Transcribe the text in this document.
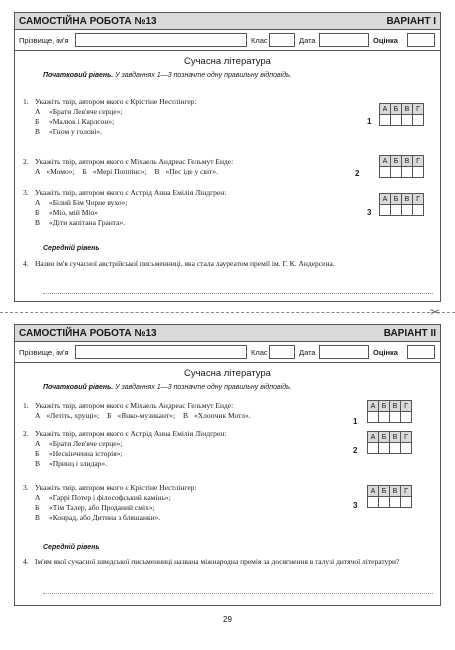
САМОСТІЙНА РОБОТА №13	ВАРІАНТ І
Прізвище, ім'я	Клас	Дата	Оцінка
Сучасна література
Початковий рівень. У завданнях 1—3 позначте одну правильну відповідь.
1. Укажіть твір, автором якого є Крістіне Нестлінгер:
А	«Брати Лев'яче серце»;
Б	«Малюк і Карлсон»;
В	«Гном у голові».
1
А	Б	В	Г

2. Укажіть твір, автором якого є Міхаель Андреас Гельмут Енде:
А «Момо»; Б «Мері Поппінс»; В «Пес іде у світ».	2
А	Б	В	Г

3. Укажіть твір, автором якого є Астрід Анна Емілія Ліндгрен:
А	«Білий Бім Чорне вухо»;
Б	«Міо, мій Міо»
В	«Діти капітана Гранта».
3
А	Б	В	Г

Середній рівень
4. Назви ім'я сучасної австрійської письменниці, яка стала лауреатом премії ім. Г. К. Андерсена.
✂
САМОСТІЙНА РОБОТА №13	ВАРІАНТ ІІ
Прізвище, ім'я	Клас	Дата	Оцінка
Сучасна література
Початковий рівень. У завданнях 1—3 позначте одну правильну відповідь.
1. Укажіть твір, автором якого є Міхаель Андреас Гельмут Енде:
А «Летіть, хрущі»; Б «Янко-музикант»; В «Хлопчик Мотл».
1
А	Б	В	Г

2. Укажіть твір, автором якого є Астрід Анна Емілія Ліндгрен:
А	«Брати Лев'яче серце»;
Б	«Нескінченна історія»;
В	«Принц і злидар».
2
А	Б	В	Г

3. Укажіть твір, автором якого є Крістіне Нестлінгер:
А	«Гаррі Потер і філософський камінь»;
Б	«Тім Талер, або Проданий сміх»;
В	«Конрад, або Дитина з бляшанки».
3
А	Б	В	Г

Середній рівень
4. Ім'ям якої сучасної шведської письменниці названа міжнародна премія за досягнення в галузі дитячої літератури?
29
